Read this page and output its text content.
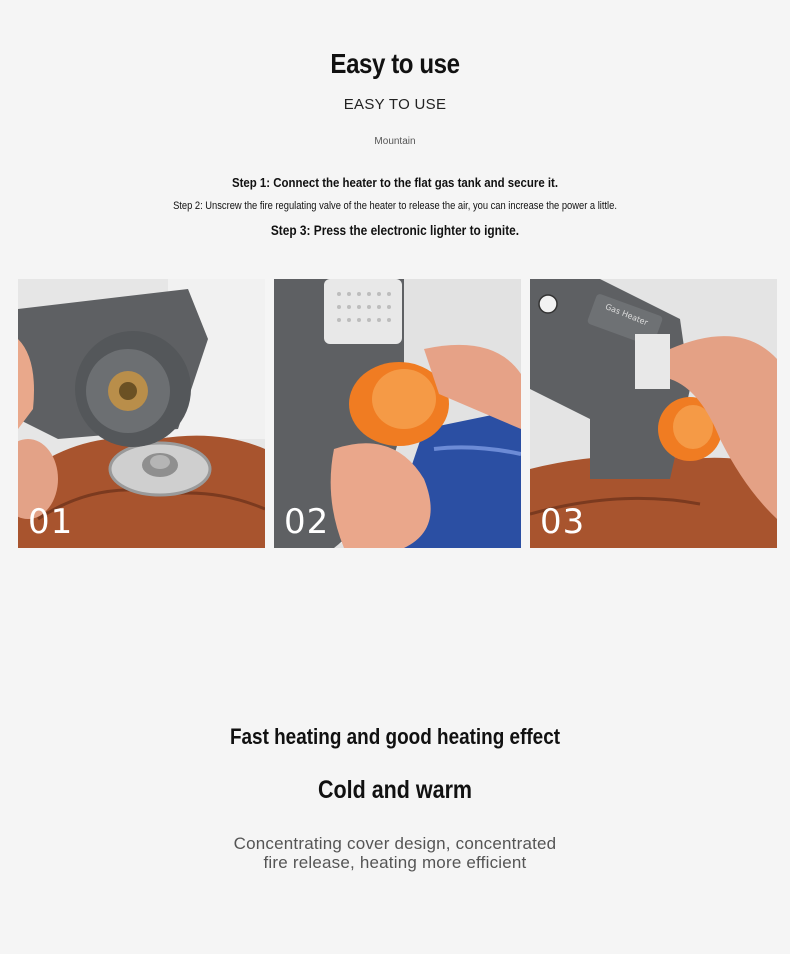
Easy to use
EASY TO USE
Mountain
Step 1: Connect the heater to the flat gas tank and secure it.
Step 2: Unscrew the fire regulating valve of the heater to release the air, you can increase the power a little.
Step 3: Press the electronic lighter to ignite.
01	02
Gas Heater
03
Fast heating and good heating effect
Cold and warm
Concentrating cover design, concentrated
fire release, heating more efficient
